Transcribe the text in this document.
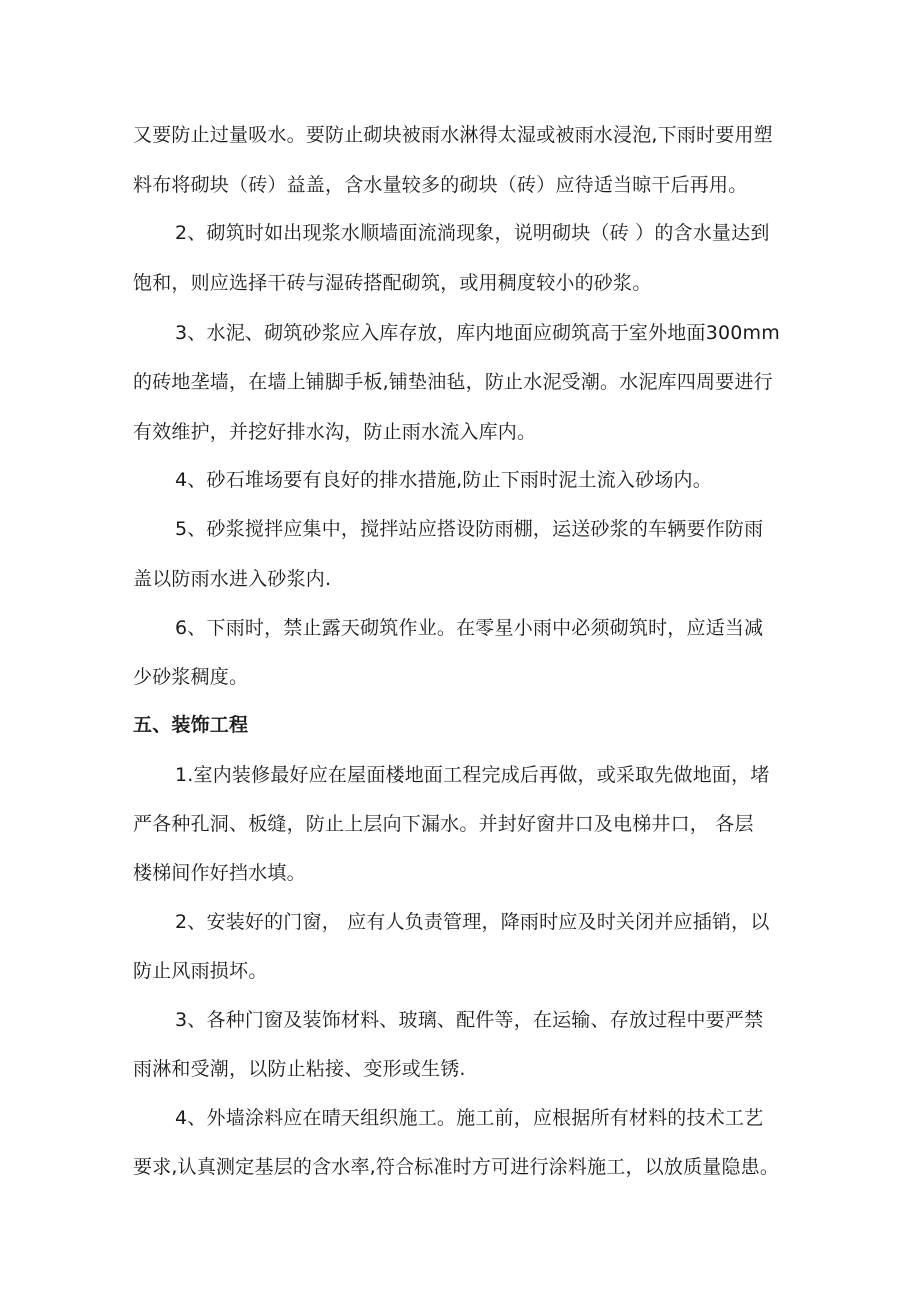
又要防止过量吸水。要防止砌块被雨水淋得太湿或被雨水浸泡,下雨时要用塑
料布将砌块（砖）益盖，含水量较多的砌块（砖）应待适当晾干后再用。
2、砌筑时如出现浆水顺墙面流淌现象，说明砌块（砖 ）的含水量达到
饱和，则应选择干砖与湿砖搭配砌筑，或用稠度较小的砂浆。
3、水泥、砌筑砂浆应入库存放，库内地面应砌筑高于室外地面300mm
的砖地垄墙，在墙上铺脚手板,铺垫油毡，防止水泥受潮。水泥库四周要进行
有效维护，并挖好排水沟，防止雨水流入库内。
4、砂石堆场要有良好的排水措施,防止下雨时泥土流入砂场内。
5、砂浆搅拌应集中，搅拌站应搭设防雨棚，运送砂浆的车辆要作防雨
盖以防雨水进入砂浆内.
6、下雨时，禁止露天砌筑作业。在零星小雨中必须砌筑时，应适当减
少砂浆稠度。
五、装饰工程
1.室内装修最好应在屋面楼地面工程完成后再做，或采取先做地面，堵
严各种孔洞、板缝，防止上层向下漏水。并封好窗井口及电梯井口， 各层
楼梯间作好挡水填。
2、安装好的门窗， 应有人负责管理，降雨时应及时关闭并应插销，以
防止风雨损坏。
3、各种门窗及装饰材料、玻璃、配件等，在运输、存放过程中要严禁
雨淋和受潮，以防止粘接、变形或生锈.
4、外墙涂料应在晴天组织施工。施工前，应根据所有材料的技术工艺
要求,认真测定基层的含水率,符合标准时方可进行涂料施工，以放质量隐患。
